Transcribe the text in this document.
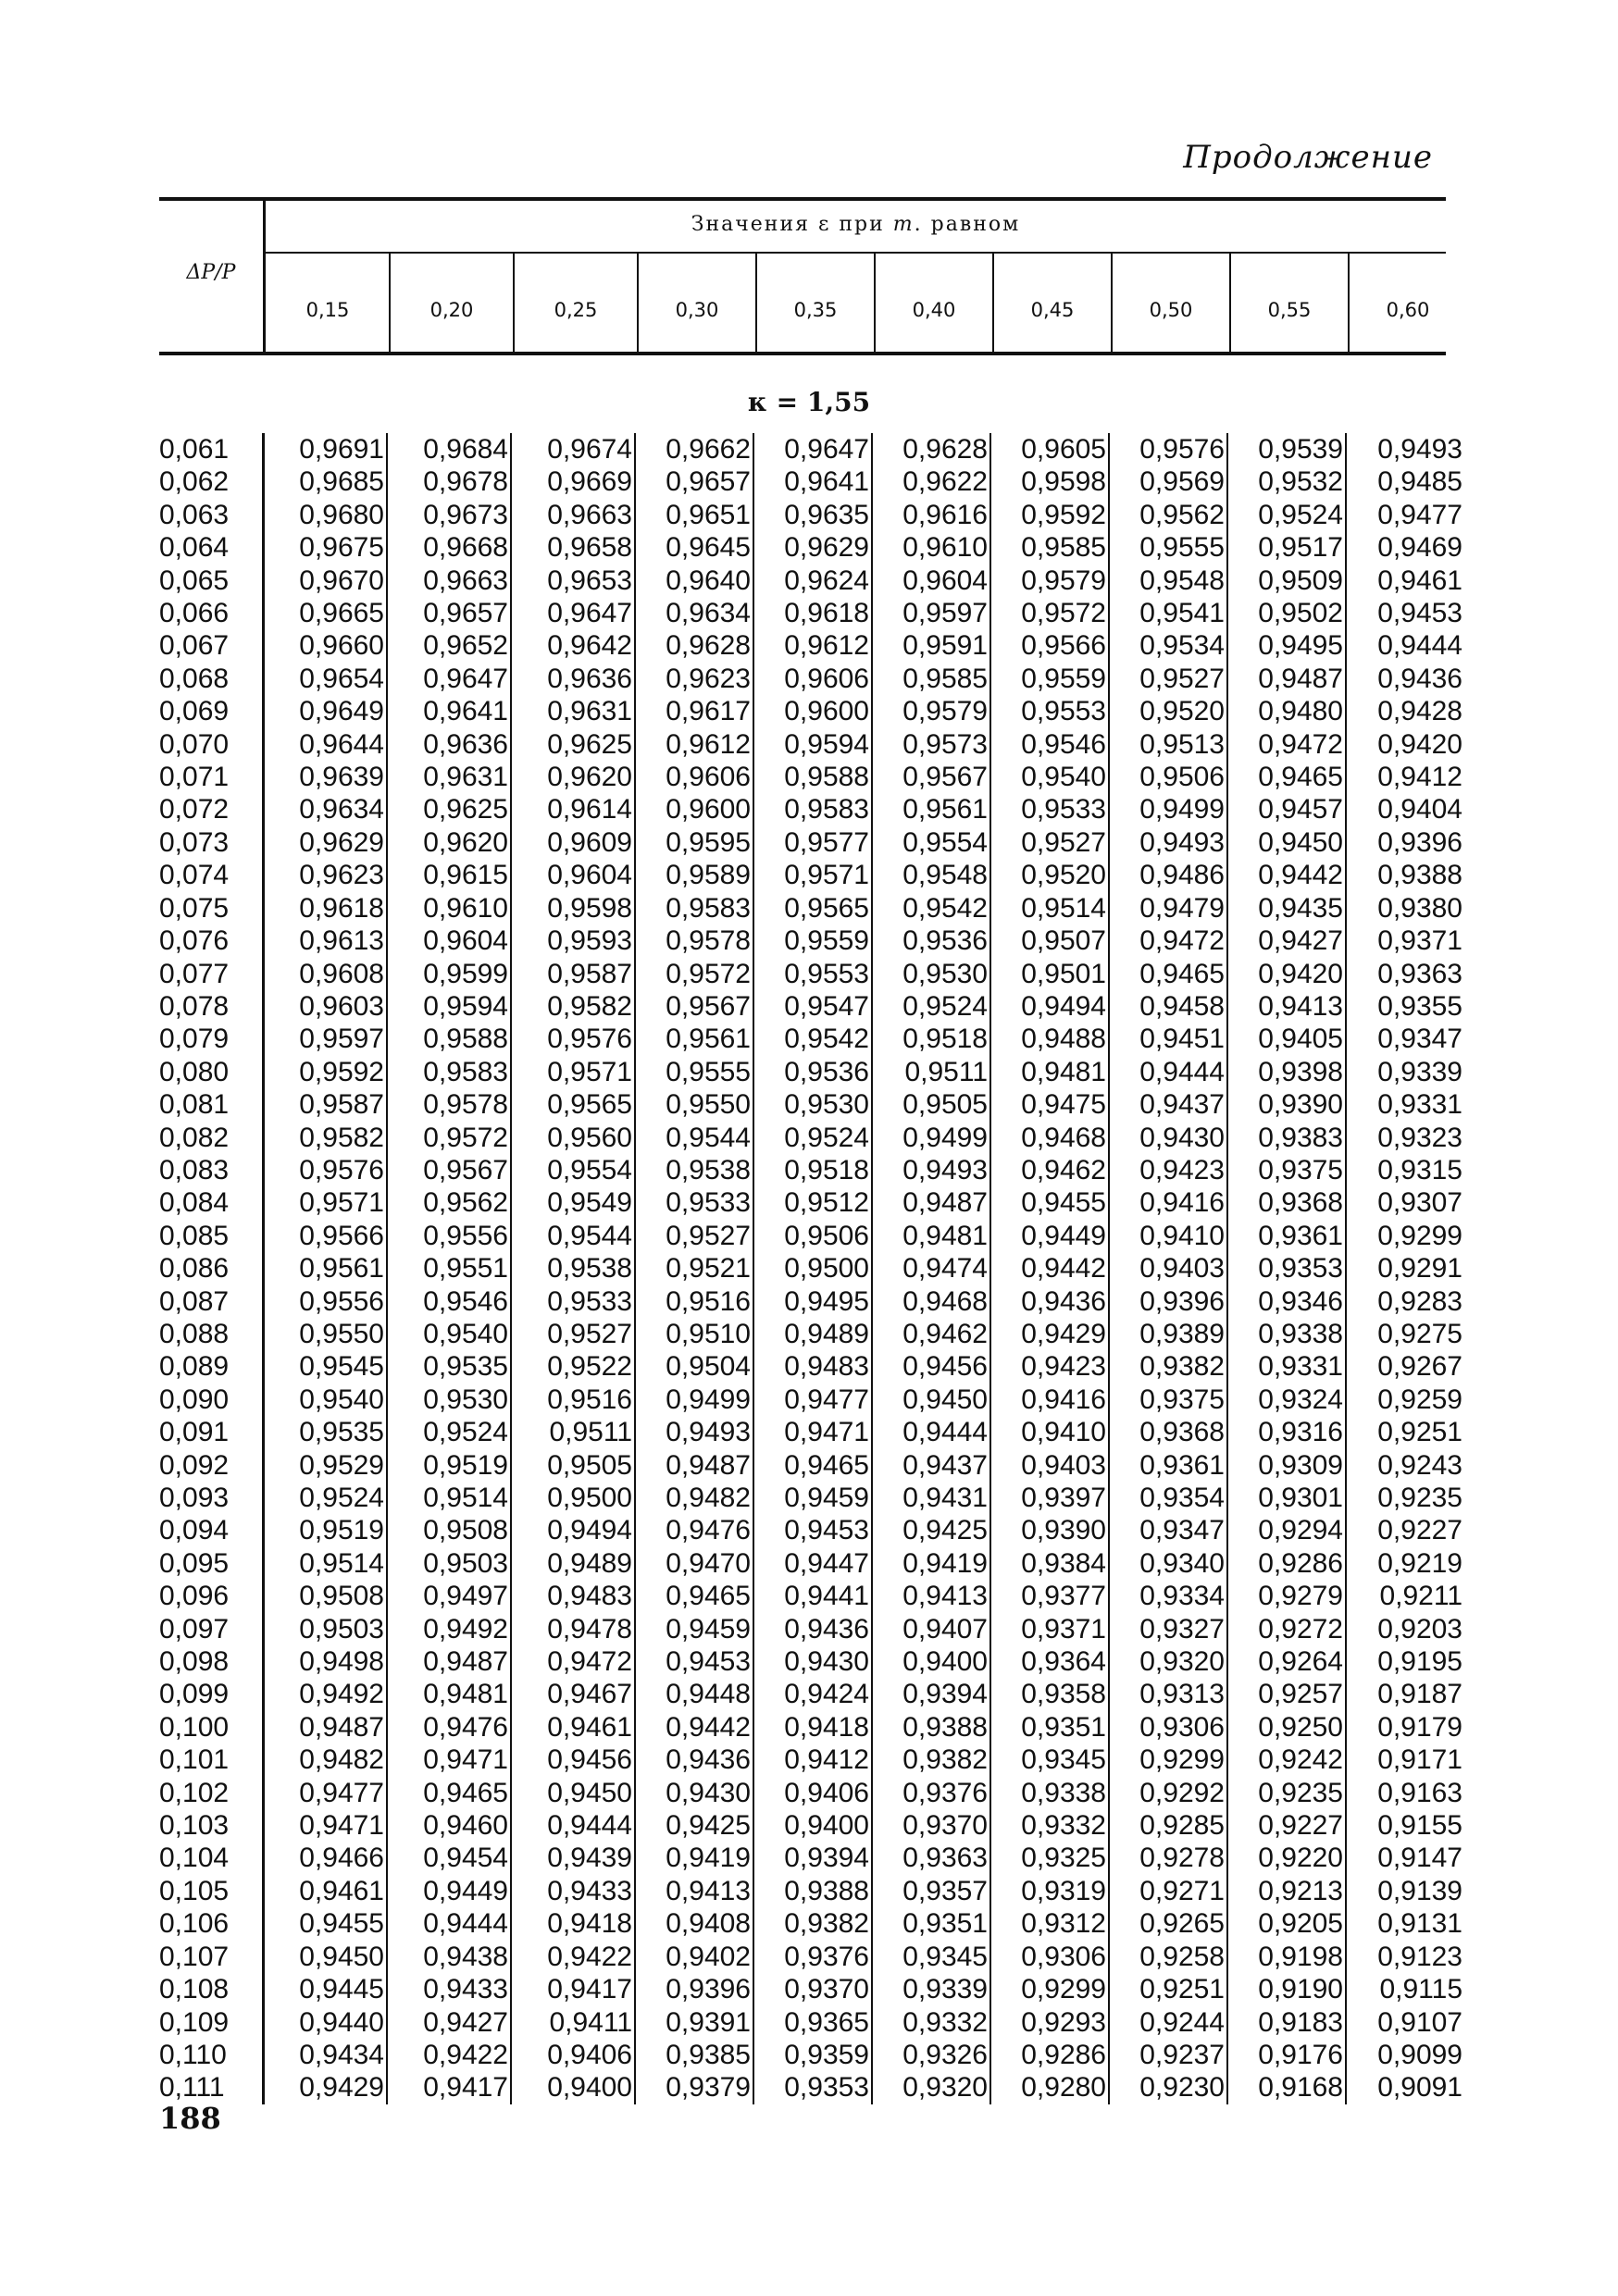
Продолжение
ΔP/P
Значения ε при m. равном
0,15	0,20	0,25	0,30	0,35	0,40	0,45	0,50	0,55	0,60
κ = 1,55
0,061	0,9691	0,9684	0,9674	0,9662	0,9647	0,9628	0,9605	0,9576	0,9539	0,9493
0,062	0,9685	0,9678	0,9669	0,9657	0,9641	0,9622	0,9598	0,9569	0,9532	0,9485
0,063	0,9680	0,9673	0,9663	0,9651	0,9635	0,9616	0,9592	0,9562	0,9524	0,9477
0,064	0,9675	0,9668	0,9658	0,9645	0,9629	0,9610	0,9585	0,9555	0,9517	0,9469
0,065	0,9670	0,9663	0,9653	0,9640	0,9624	0,9604	0,9579	0,9548	0,9509	0,9461
0,066	0,9665	0,9657	0,9647	0,9634	0,9618	0,9597	0,9572	0,9541	0,9502	0,9453
0,067	0,9660	0,9652	0,9642	0,9628	0,9612	0,9591	0,9566	0,9534	0,9495	0,9444
0,068	0,9654	0,9647	0,9636	0,9623	0,9606	0,9585	0,9559	0,9527	0,9487	0,9436
0,069	0,9649	0,9641	0,9631	0,9617	0,9600	0,9579	0,9553	0,9520	0,9480	0,9428
0,070	0,9644	0,9636	0,9625	0,9612	0,9594	0,9573	0,9546	0,9513	0,9472	0,9420
0,071	0,9639	0,9631	0,9620	0,9606	0,9588	0,9567	0,9540	0,9506	0,9465	0,9412
0,072	0,9634	0,9625	0,9614	0,9600	0,9583	0,9561	0,9533	0,9499	0,9457	0,9404
0,073	0,9629	0,9620	0,9609	0,9595	0,9577	0,9554	0,9527	0,9493	0,9450	0,9396
0,074	0,9623	0,9615	0,9604	0,9589	0,9571	0,9548	0,9520	0,9486	0,9442	0,9388
0,075	0,9618	0,9610	0,9598	0,9583	0,9565	0,9542	0,9514	0,9479	0,9435	0,9380
0,076	0,9613	0,9604	0,9593	0,9578	0,9559	0,9536	0,9507	0,9472	0,9427	0,9371
0,077	0,9608	0,9599	0,9587	0,9572	0,9553	0,9530	0,9501	0,9465	0,9420	0,9363
0,078	0,9603	0,9594	0,9582	0,9567	0,9547	0,9524	0,9494	0,9458	0,9413	0,9355
0,079	0,9597	0,9588	0,9576	0,9561	0,9542	0,9518	0,9488	0,9451	0,9405	0,9347
0,080	0,9592	0,9583	0,9571	0,9555	0,9536	0,9511	0,9481	0,9444	0,9398	0,9339
0,081	0,9587	0,9578	0,9565	0,9550	0,9530	0,9505	0,9475	0,9437	0,9390	0,9331
0,082	0,9582	0,9572	0,9560	0,9544	0,9524	0,9499	0,9468	0,9430	0,9383	0,9323
0,083	0,9576	0,9567	0,9554	0,9538	0,9518	0,9493	0,9462	0,9423	0,9375	0,9315
0,084	0,9571	0,9562	0,9549	0,9533	0,9512	0,9487	0,9455	0,9416	0,9368	0,9307
0,085	0,9566	0,9556	0,9544	0,9527	0,9506	0,9481	0,9449	0,9410	0,9361	0,9299
0,086	0,9561	0,9551	0,9538	0,9521	0,9500	0,9474	0,9442	0,9403	0,9353	0,9291
0,087	0,9556	0,9546	0,9533	0,9516	0,9495	0,9468	0,9436	0,9396	0,9346	0,9283
0,088	0,9550	0,9540	0,9527	0,9510	0,9489	0,9462	0,9429	0,9389	0,9338	0,9275
0,089	0,9545	0,9535	0,9522	0,9504	0,9483	0,9456	0,9423	0,9382	0,9331	0,9267
0,090	0,9540	0,9530	0,9516	0,9499	0,9477	0,9450	0,9416	0,9375	0,9324	0,9259
0,091	0,9535	0,9524	0,9511	0,9493	0,9471	0,9444	0,9410	0,9368	0,9316	0,9251
0,092	0,9529	0,9519	0,9505	0,9487	0,9465	0,9437	0,9403	0,9361	0,9309	0,9243
0,093	0,9524	0,9514	0,9500	0,9482	0,9459	0,9431	0,9397	0,9354	0,9301	0,9235
0,094	0,9519	0,9508	0,9494	0,9476	0,9453	0,9425	0,9390	0,9347	0,9294	0,9227
0,095	0,9514	0,9503	0,9489	0,9470	0,9447	0,9419	0,9384	0,9340	0,9286	0,9219
0,096	0,9508	0,9497	0,9483	0,9465	0,9441	0,9413	0,9377	0,9334	0,9279	0,9211
0,097	0,9503	0,9492	0,9478	0,9459	0,9436	0,9407	0,9371	0,9327	0,9272	0,9203
0,098	0,9498	0,9487	0,9472	0,9453	0,9430	0,9400	0,9364	0,9320	0,9264	0,9195
0,099	0,9492	0,9481	0,9467	0,9448	0,9424	0,9394	0,9358	0,9313	0,9257	0,9187
0,100	0,9487	0,9476	0,9461	0,9442	0,9418	0,9388	0,9351	0,9306	0,9250	0,9179
0,101	0,9482	0,9471	0,9456	0,9436	0,9412	0,9382	0,9345	0,9299	0,9242	0,9171
0,102	0,9477	0,9465	0,9450	0,9430	0,9406	0,9376	0,9338	0,9292	0,9235	0,9163
0,103	0,9471	0,9460	0,9444	0,9425	0,9400	0,9370	0,9332	0,9285	0,9227	0,9155
0,104	0,9466	0,9454	0,9439	0,9419	0,9394	0,9363	0,9325	0,9278	0,9220	0,9147
0,105	0,9461	0,9449	0,9433	0,9413	0,9388	0,9357	0,9319	0,9271	0,9213	0,9139
0,106	0,9455	0,9444	0,9418	0,9408	0,9382	0,9351	0,9312	0,9265	0,9205	0,9131
0,107	0,9450	0,9438	0,9422	0,9402	0,9376	0,9345	0,9306	0,9258	0,9198	0,9123
0,108	0,9445	0,9433	0,9417	0,9396	0,9370	0,9339	0,9299	0,9251	0,9190	0,9115
0,109	0,9440	0,9427	0,9411	0,9391	0,9365	0,9332	0,9293	0,9244	0,9183	0,9107
0,110	0,9434	0,9422	0,9406	0,9385	0,9359	0,9326	0,9286	0,9237	0,9176	0,9099
0,111	0,9429	0,9417	0,9400	0,9379	0,9353	0,9320	0,9280	0,9230	0,9168	0,9091
188
